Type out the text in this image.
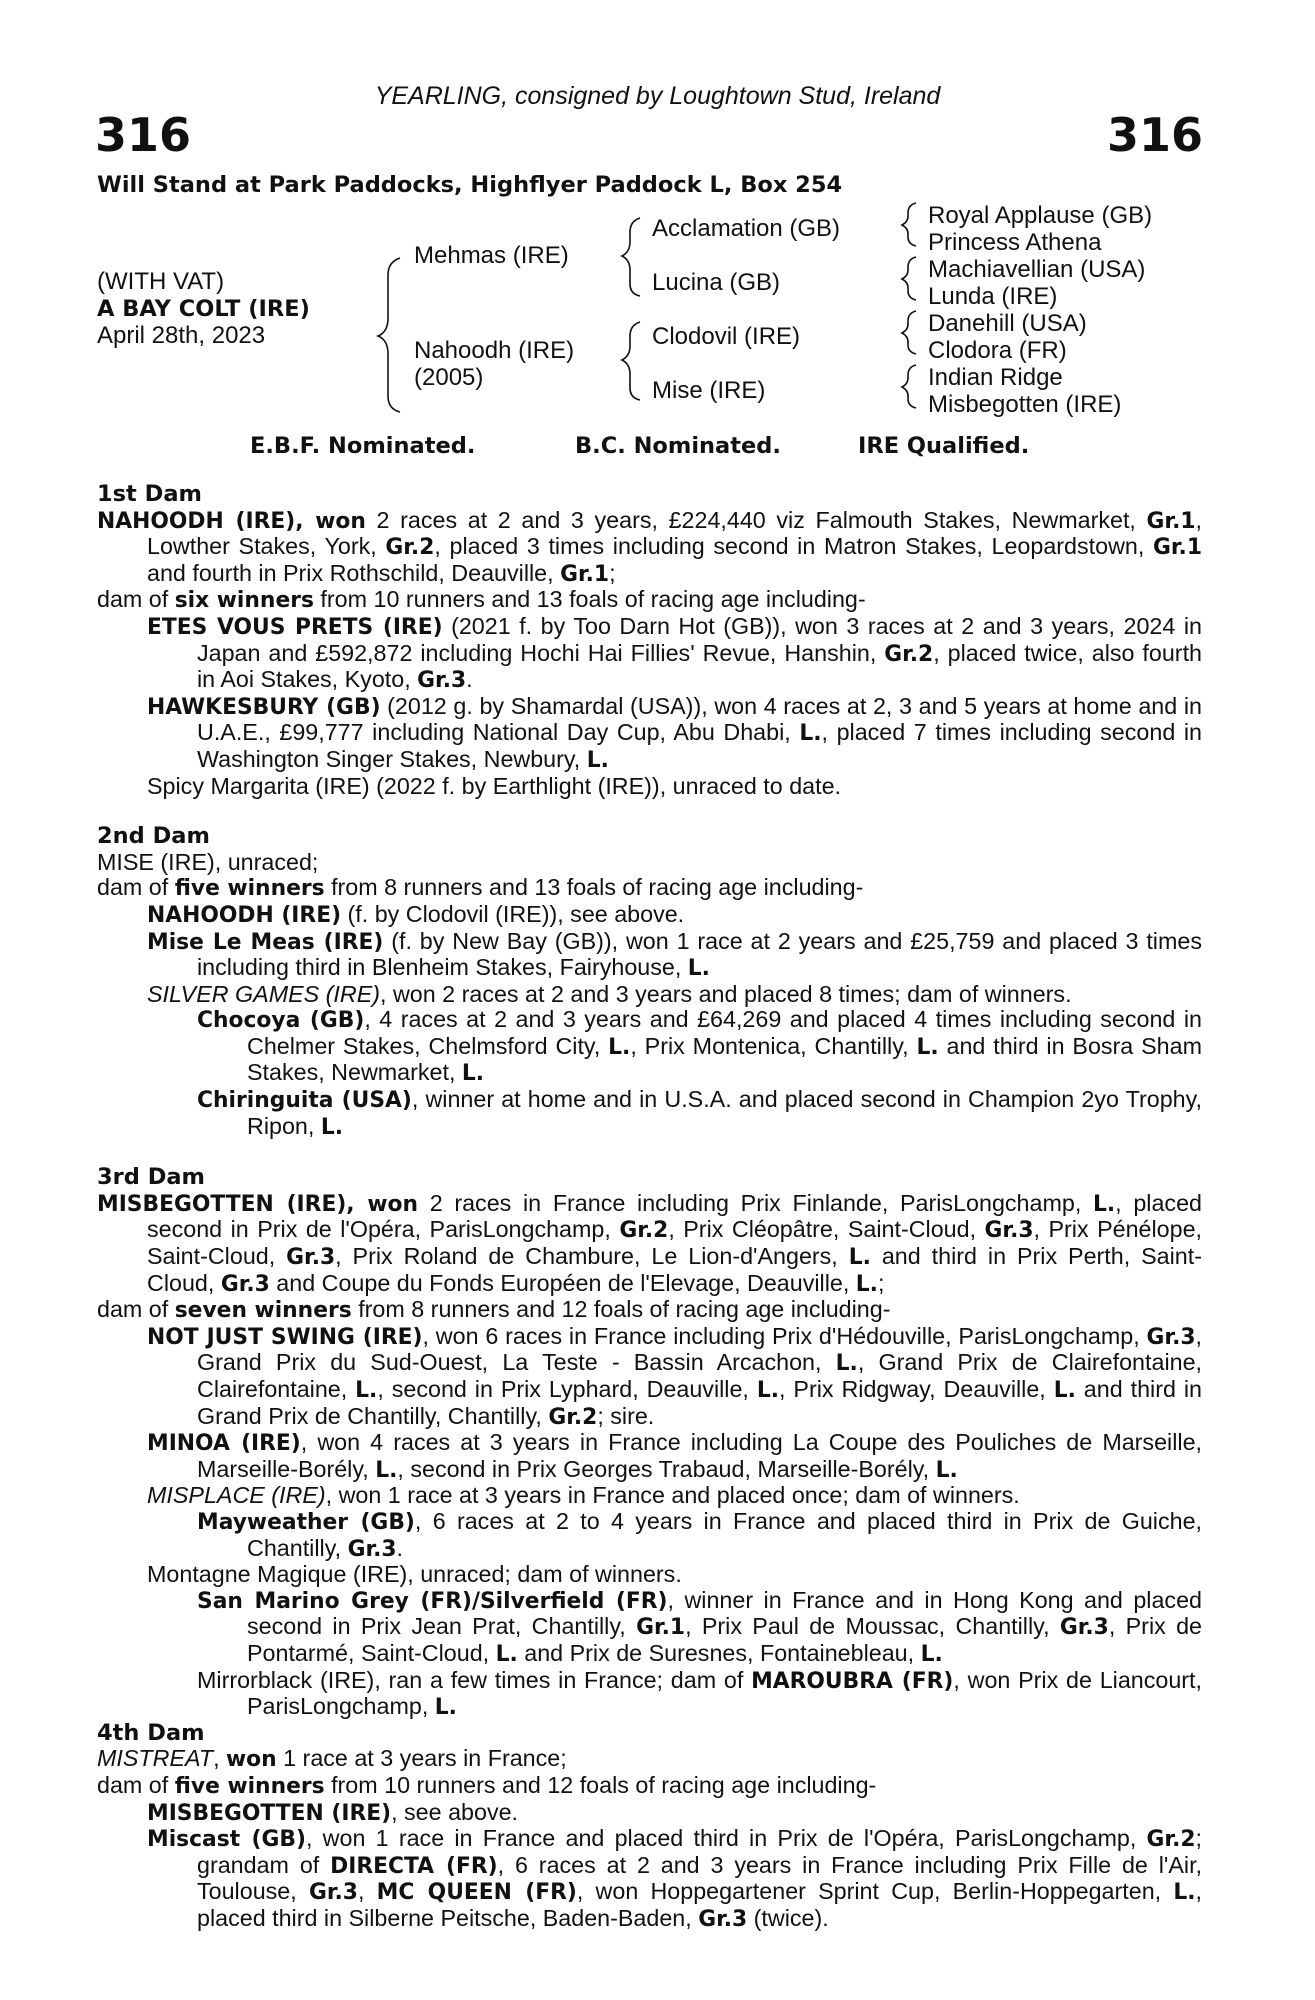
YEARLING, consigned by Loughtown Stud, Ireland
316	316
Will Stand at Park Paddocks, Highflyer Paddock L, Box 254
(WITH VAT)
A BAY COLT (IRE)
April 28th, 2023
Mehmas (IRE)
Nahoodh (IRE)
(2005)
Acclamation (GB)
Lucina (GB)
Clodovil (IRE)
Mise (IRE)
Royal Applause (GB)
Princess Athena
Machiavellian (USA)
Lunda (IRE)
Danehill (USA)
Clodora (FR)
Indian Ridge
Misbegotten (IRE)
E.B.F. Nominated.	B.C. Nominated.	IRE Qualified.
1st Dam
NAHOODH (IRE), won 2 races at 2 and 3 years, £224,440 viz Falmouth Stakes, Newmarket, Gr.1, Lowther Stakes, York, Gr.2, placed 3 times including second in Matron Stakes, Leopardstown, Gr.1 and fourth in Prix Rothschild, Deauville, Gr.1;
dam of six winners from 10 runners and 13 foals of racing age including-
ETES VOUS PRETS (IRE) (2021 f. by Too Darn Hot (GB)), won 3 races at 2 and 3 years, 2024 in Japan and £592,872 including Hochi Hai Fillies' Revue, Hanshin, Gr.2, placed twice, also fourth in Aoi Stakes, Kyoto, Gr.3.
HAWKESBURY (GB) (2012 g. by Shamardal (USA)), won 4 races at 2, 3 and 5 years at home and in U.A.E., £99,777 including National Day Cup, Abu Dhabi, L., placed 7 times including second in Washington Singer Stakes, Newbury, L.
Spicy Margarita (IRE) (2022 f. by Earthlight (IRE)), unraced to date.
2nd Dam
MISE (IRE), unraced;
dam of five winners from 8 runners and 13 foals of racing age including-
NAHOODH (IRE) (f. by Clodovil (IRE)), see above.
Mise Le Meas (IRE) (f. by New Bay (GB)), won 1 race at 2 years and £25,759 and placed 3 times including third in Blenheim Stakes, Fairyhouse, L.
SILVER GAMES (IRE), won 2 races at 2 and 3 years and placed 8 times; dam of winners.
Chocoya (GB), 4 races at 2 and 3 years and £64,269 and placed 4 times including second in Chelmer Stakes, Chelmsford City, L., Prix Montenica, Chantilly, L. and third in Bosra Sham Stakes, Newmarket, L.
Chiringuita (USA), winner at home and in U.S.A. and placed second in Champion 2yo Trophy, Ripon, L.
3rd Dam
MISBEGOTTEN (IRE), won 2 races in France including Prix Finlande, ParisLongchamp, L., placed second in Prix de l'Opéra, ParisLongchamp, Gr.2, Prix Cléopâtre, Saint-Cloud, Gr.3, Prix Pénélope, Saint-Cloud, Gr.3, Prix Roland de Chambure, Le Lion-d'Angers, L. and third in Prix Perth, Saint-Cloud, Gr.3 and Coupe du Fonds Européen de l'Elevage, Deauville, L.;
dam of seven winners from 8 runners and 12 foals of racing age including-
NOT JUST SWING (IRE), won 6 races in France including Prix d'Hédouville, ParisLongchamp, Gr.3, Grand Prix du Sud-Ouest, La Teste - Bassin Arcachon, L., Grand Prix de Clairefontaine, Clairefontaine, L., second in Prix Lyphard, Deauville, L., Prix Ridgway, Deauville, L. and third in Grand Prix de Chantilly, Chantilly, Gr.2; sire.
MINOA (IRE), won 4 races at 3 years in France including La Coupe des Pouliches de Marseille, Marseille-Borély, L., second in Prix Georges Trabaud, Marseille-Borély, L.
MISPLACE (IRE), won 1 race at 3 years in France and placed once; dam of winners.
Mayweather (GB), 6 races at 2 to 4 years in France and placed third in Prix de Guiche, Chantilly, Gr.3.
Montagne Magique (IRE), unraced; dam of winners.
San Marino Grey (FR)/Silverfield (FR), winner in France and in Hong Kong and placed second in Prix Jean Prat, Chantilly, Gr.1, Prix Paul de Moussac, Chantilly, Gr.3, Prix de Pontarmé, Saint-Cloud, L. and Prix de Suresnes, Fontainebleau, L.
Mirrorblack (IRE), ran a few times in France; dam of MAROUBRA (FR), won Prix de Liancourt, ParisLongchamp, L.
4th Dam
MISTREAT, won 1 race at 3 years in France;
dam of five winners from 10 runners and 12 foals of racing age including-
MISBEGOTTEN (IRE), see above.
Miscast (GB), won 1 race in France and placed third in Prix de l'Opéra, ParisLongchamp, Gr.2; grandam of DIRECTA (FR), 6 races at 2 and 3 years in France including Prix Fille de l'Air, Toulouse, Gr.3, MC QUEEN (FR), won Hoppegartener Sprint Cup, Berlin-Hoppegarten, L., placed third in Silberne Peitsche, Baden-Baden, Gr.3 (twice).
